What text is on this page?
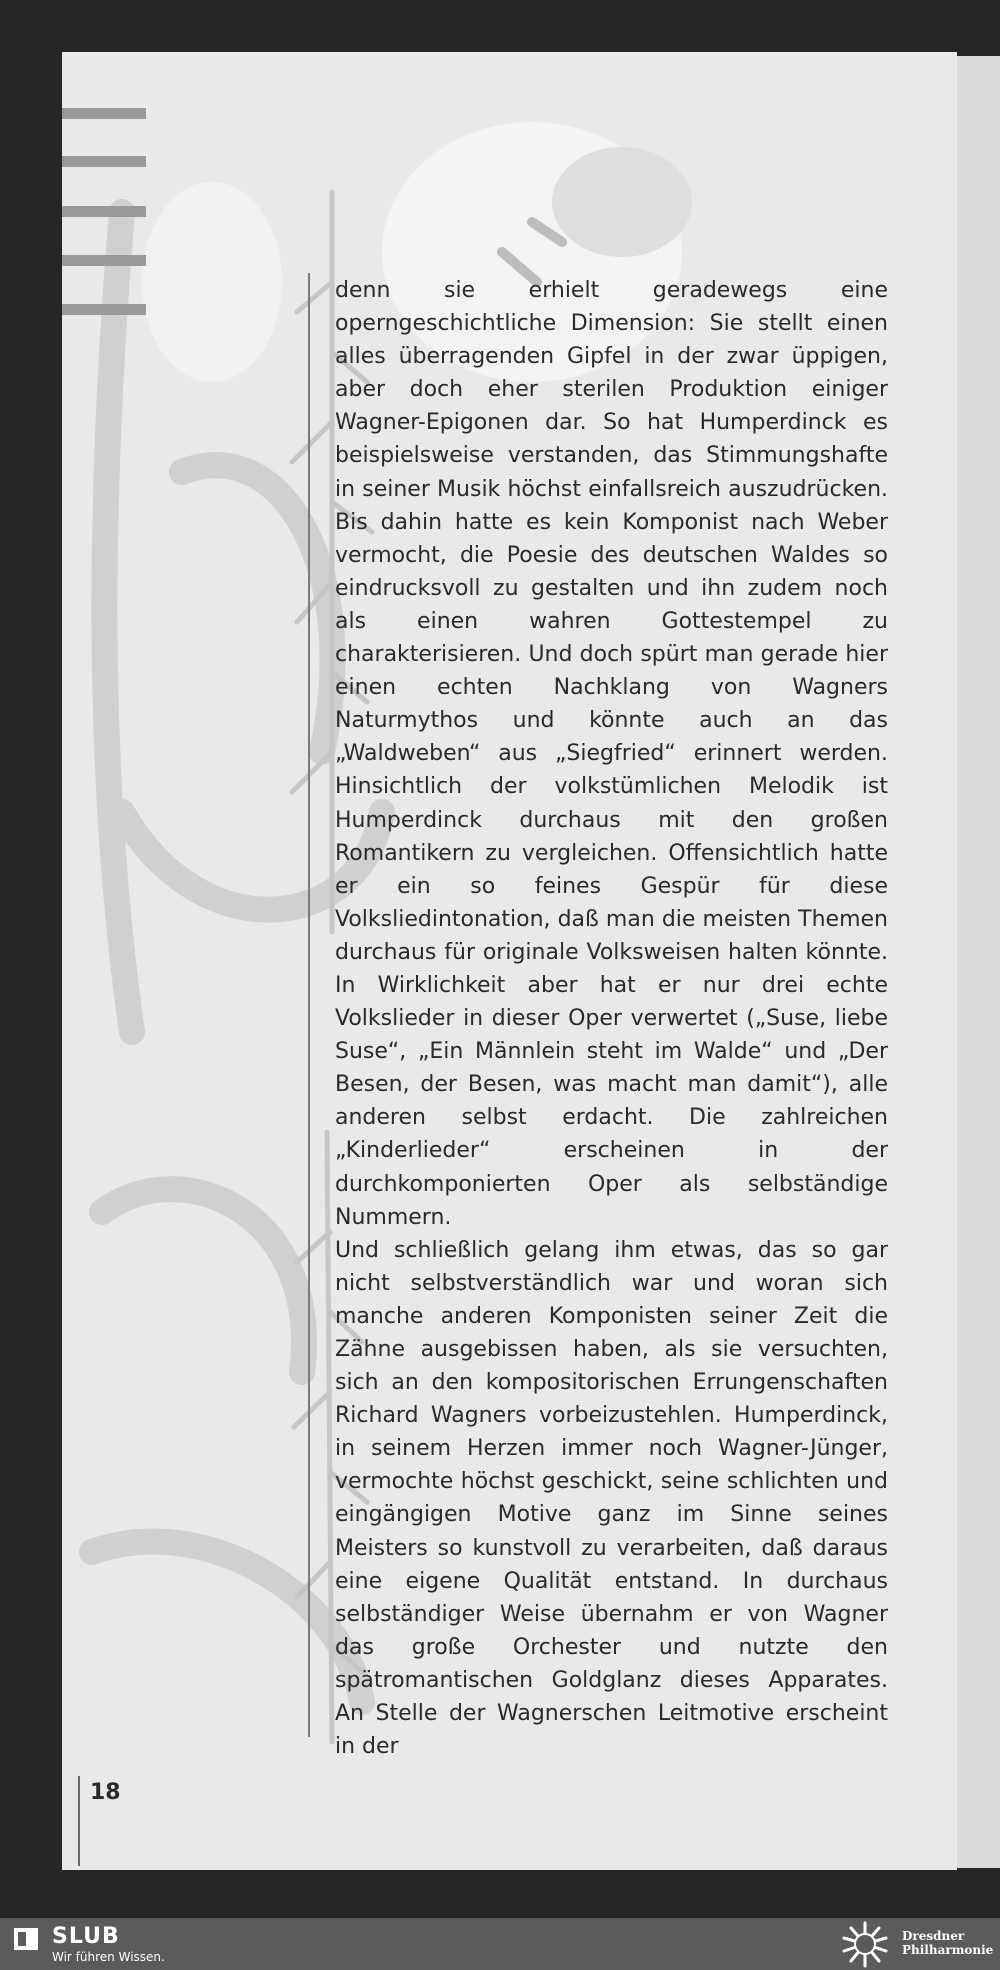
denn sie erhielt geradewegs eine operngeschichtliche Dimension: Sie stellt einen alles überragenden Gipfel in der zwar üppigen, aber doch eher sterilen Produktion einiger Wagner-Epigonen dar. So hat Humperdinck es beispielsweise verstanden, das Stimmungshafte in seiner Musik höchst einfallsreich auszudrücken. Bis dahin hatte es kein Komponist nach Weber vermocht, die Poesie des deutschen Waldes so eindrucksvoll zu gestalten und ihn zudem noch als einen wahren Gottestempel zu charakterisieren. Und doch spürt man gerade hier einen echten Nachklang von Wagners Naturmythos und könnte auch an das „Waldweben“ aus „Siegfried“ erinnert werden. Hinsichtlich der volkstümlichen Melodik ist Humperdinck durchaus mit den großen Romantikern zu vergleichen. Offensichtlich hatte er ein so feines Gespür für diese Volksliedintonation, daß man die meisten Themen durchaus für originale Volksweisen halten könnte. In Wirklichkeit aber hat er nur drei echte Volkslieder in dieser Oper verwertet („Suse, liebe Suse“, „Ein Männlein steht im Walde“ und „Der Besen, der Besen, was macht man damit“), alle anderen selbst erdacht. Die zahlreichen „Kinderlieder“ erscheinen in der durchkomponierten Oper als selbständige Nummern.

Und schließlich gelang ihm etwas, das so gar nicht selbstverständlich war und woran sich manche anderen Komponisten seiner Zeit die Zähne ausgebissen haben, als sie versuchten, sich an den kompositorischen Errungenschaften Richard Wagners vorbeizustehlen. Humperdinck, in seinem Herzen immer noch Wagner-Jünger, vermochte höchst geschickt, seine schlichten und eingängigen Motive ganz im Sinne seines Meisters so kunstvoll zu verarbeiten, daß daraus eine eigene Qualität entstand. In durchaus selbständiger Weise übernahm er von Wagner das große Orchester und nutzte den spätromantischen Goldglanz dieses Apparates. An Stelle der Wagnerschen Leitmotive erscheint in der

18
SLUB
Wir führen Wissen.
Dresdner
Philharmonie
